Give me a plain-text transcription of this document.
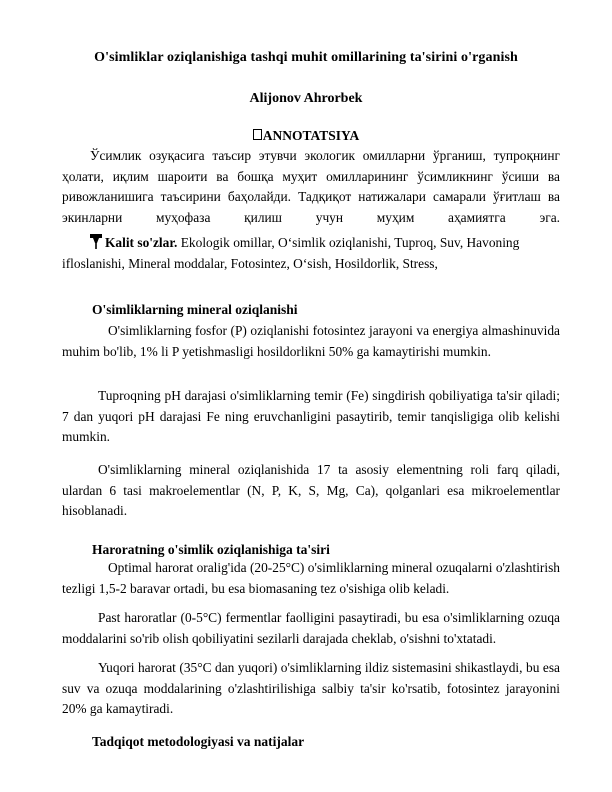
O'simliklar oziqlanishiga tashqi muhit omillarining ta'sirini o'rganish
Alijonov Ahrorbek
ANNOTATSIYA

Ўсимлик озуқасига таъсир этувчи экологик омилларни ўрганиш, тупроқнинг ҳолати, иқлим шароити ва бошқа муҳит омилларининг ўсимликнинг ўсиши ва ривожланишига таъсирини баҳолайди. Тадқиқот натижалари самарали ўғитлаш ва экинларни муҳофаза қилиш учун муҳим аҳамиятга эга.

Kalit so'zlar. Ekologik omillar, O‘simlik oziqlanishi, Tuproq, Suv, Havoning ifloslanishi, Mineral moddalar, Fotosintez, O‘sish, Hosildorlik, Stress,

O'simliklarning mineral oziqlanishi

O'simliklarning fosfor (P) oziqlanishi fotosintez jarayoni va energiya almashinuvida muhim bo'lib, 1% li P yetishmasligi hosildorlikni 50% ga kamaytirishi mumkin.

Tuproqning pH darajasi o'simliklarning temir (Fe) singdirish qobiliyatiga ta'sir qiladi; 7 dan yuqori pH darajasi Fe ning eruvchanligini pasaytirib, temir tanqisligiga olib kelishi mumkin.

O'simliklarning mineral oziqlanishida 17 ta asosiy elementning roli farq qiladi, ulardan 6 tasi makroelementlar (N, P, K, S, Mg, Ca), qolganlari esa mikroelementlar hisoblanadi.

Haroratning o'simlik oziqlanishiga ta'siri

Optimal harorat oralig'ida (20-25°C) o'simliklarning mineral ozuqalarni o'zlashtirish tezligi 1,5-2 baravar ortadi, bu esa biomasaning tez o'sishiga olib keladi.

Past haroratlar (0-5°C) fermentlar faolligini pasaytiradi, bu esa o'simliklarning ozuqa moddalarini so'rib olish qobiliyatini sezilarli darajada cheklab, o'sishni to'xtatadi.

Yuqori harorat (35°C dan yuqori) o'simliklarning ildiz sistemasini shikastlaydi, bu esa suv va ozuqa moddalarining o'zlashtirilishiga salbiy ta'sir ko'rsatib, fotosintez jarayonini 20% ga kamaytiradi.

Tadqiqot metodologiyasi va natijalar
